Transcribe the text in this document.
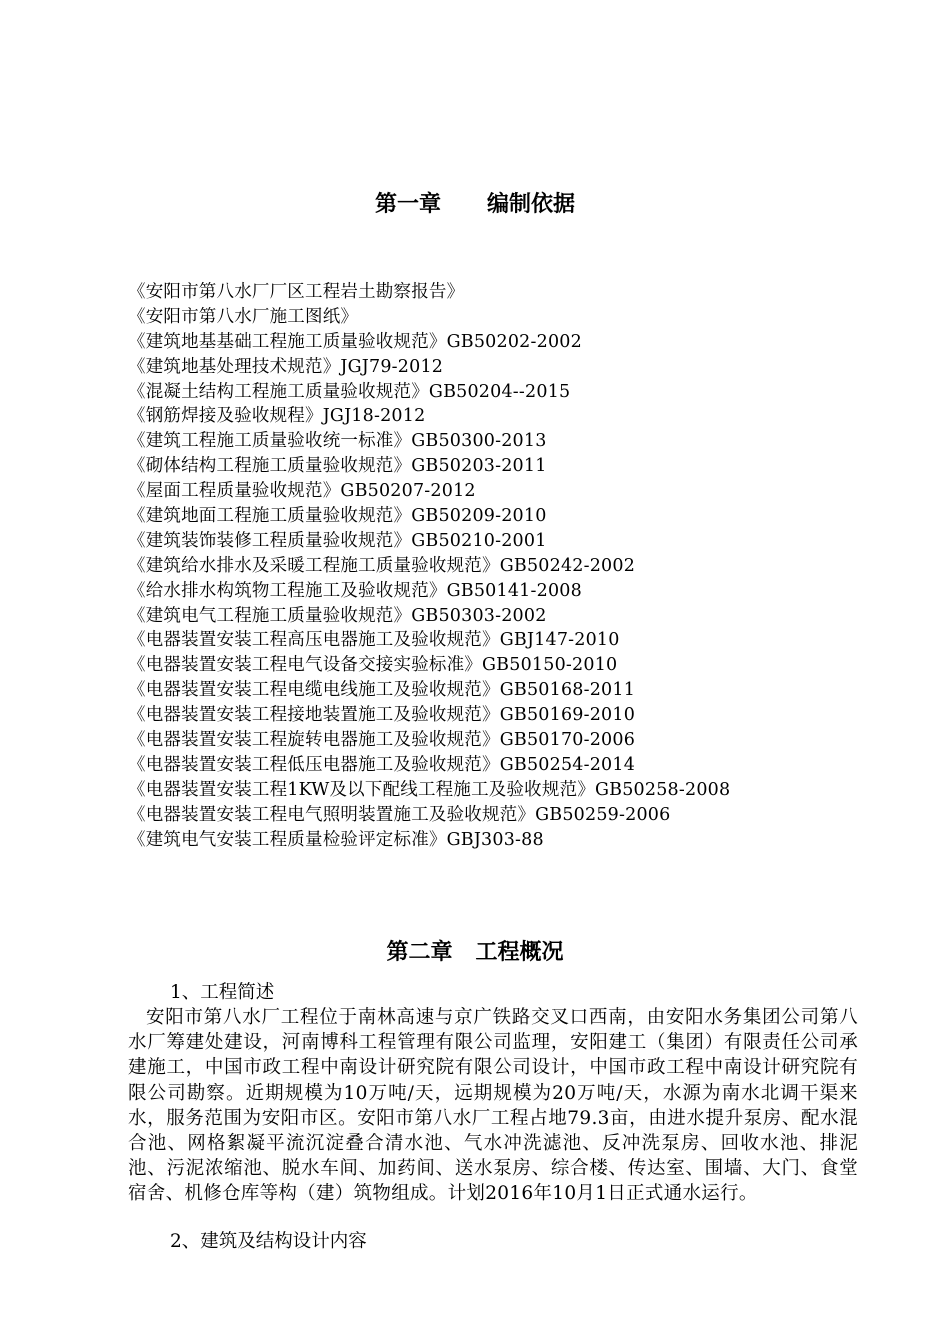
第一章      编制依据
《安阳市第八水厂厂区工程岩土勘察报告》
《安阳市第八水厂施工图纸》
《建筑地基基础工程施工质量验收规范》GB50202-2002
《建筑地基处理技术规范》JGJ79-2012
《混凝土结构工程施工质量验收规范》GB50204--2015
《钢筋焊接及验收规程》JGJ18-2012
《建筑工程施工质量验收统一标准》GB50300-2013
《砌体结构工程施工质量验收规范》GB50203-2011
《屋面工程质量验收规范》GB50207-2012
《建筑地面工程施工质量验收规范》GB50209-2010
《建筑装饰装修工程质量验收规范》GB50210-2001
《建筑给水排水及采暖工程施工质量验收规范》GB50242-2002
《给水排水构筑物工程施工及验收规范》GB50141-2008
《建筑电气工程施工质量验收规范》GB50303-2002
《电器装置安装工程高压电器施工及验收规范》GBJ147-2010
《电器装置安装工程电气设备交接实验标准》GB50150-2010
《电器装置安装工程电缆电线施工及验收规范》GB50168-2011
《电器装置安装工程接地装置施工及验收规范》GB50169-2010
《电器装置安装工程旋转电器施工及验收规范》GB50170-2006
《电器装置安装工程低压电器施工及验收规范》GB50254-2014
《电器装置安装工程1KW及以下配线工程施工及验收规范》GB50258-2008
《电器装置安装工程电气照明装置施工及验收规范》GB50259-2006
《建筑电气安装工程质量检验评定标准》GBJ303-88
第二章   工程概况
1、工程简述
安阳市第八水厂工程位于南林高速与京广铁路交叉口西南，由安阳水务集团公司第八水厂筹建处建设，河南博科工程管理有限公司监理，安阳建工（集团）有限责任公司承建施工，中国市政工程中南设计研究院有限公司设计，中国市政工程中南设计研究院有限公司勘察。近期规模为10万吨/天，远期规模为20万吨/天，水源为南水北调干渠来水，服务范围为安阳市区。安阳市第八水厂工程占地79.3亩，由进水提升泵房、配水混合池、网格絮凝平流沉淀叠合清水池、气水冲洗滤池、反冲洗泵房、回收水池、排泥池、污泥浓缩池、脱水车间、加药间、送水泵房、综合楼、传达室、围墙、大门、食堂宿舍、机修仓库等构（建）筑物组成。计划2016年10月1日正式通水运行。
2、建筑及结构设计内容
